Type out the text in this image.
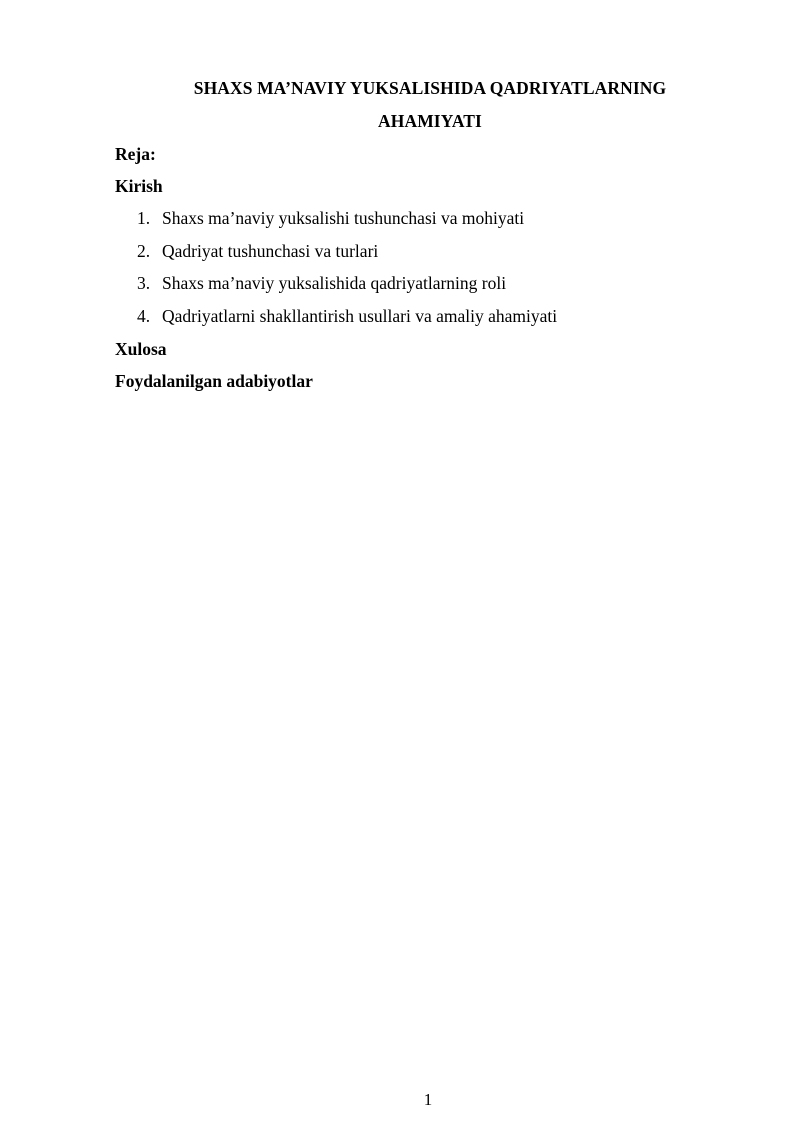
SHAXS MA’NAVIY YUKSALISHIDA QADRIYATLARNING

AHAMIYATI

Reja:

Kirish

1. Shaxs ma’naviy yuksalishi tushunchasi va mohiyati
2. Qadriyat tushunchasi va turlari
3. Shaxs ma’naviy yuksalishida qadriyatlarning roli
4. Qadriyatlarni shakllantirish usullari va amaliy ahamiyati

Xulosa

Foydalanilgan adabiyotlar

1
